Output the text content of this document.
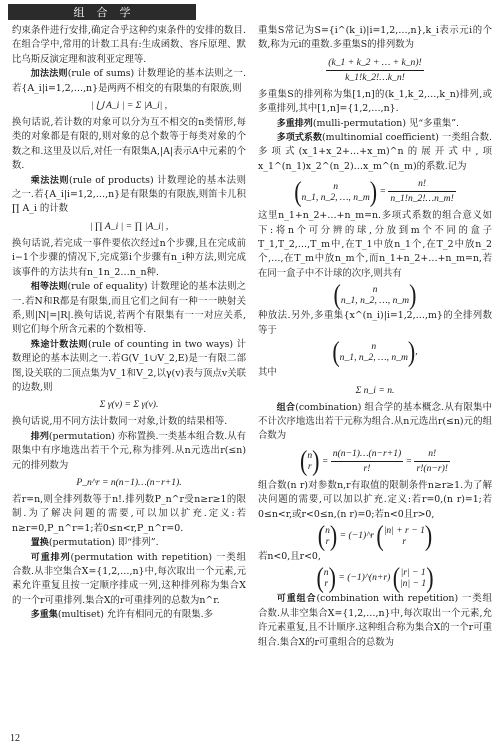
组合学

约束条件进行安排,确定合乎这种约束条件的安排的数目.在组合学中,常用的计数工具有:生成函数、容斥原理、默比乌斯反演定理和波利亚定理等.

加法法则(rule of sums) 计数理论的基本法则之一.若{A_i|i=1,2,…,n}是两两不相交的有限集的有限族,则

| ⋃ A_i | = Σ |A_i| ,

换句话说,若计数的对象可以分为互不相交的n类情形,每类的对象都是有限的,则对象的总个数等于每类对象的个数之和.这里及以后,对任一有限集A,|A|表示A中元素的个数.

乘法法则(rule of products) 计数理论的基本法则之一.若{A_i|i=1,2,…,n}是有限集的有限族,则笛卡儿积 ∏ A_i 的计数

| ∏ A_i | = ∏ |A_i| ,

换句话说,若完成一事件要依次经过n个步骤,且在完成前i−1个步骤的情况下,完成第i个步骤有n_i种方法,则完成该事件的方法共有n_1n_2…n_n种.

相等法则(rule of equality) 计数理论的基本法则之一.若N和R都是有限集,而且它们之间有一种一一映射关系,则|N|=|R|.换句话说,若两个有限集有一一对应关系,则它们每个所含元素的个数相等.

殊途计数法则(rule of counting in two ways) 计数理论的基本法则之一.若G(V_1∪V_2,E)是一有限二部图,设关联的二顶点集为V_1和V_2,以γ(v)表与顶点v关联的边数,则

Σ γ(v) = Σ γ(v).

换句话说,用不同方法计数同一对象,计数的结果相等.

排列(permutation) 亦称置换.一类基本组合数.从有限集中有序地选出若干个元,称为排列.从n元选出r(≤n)元的排列数为

P_n^r = n(n−1)…(n−r+1).

若r=n,则全排列数等于n!.排列数P_n^r受n≥r≥1的限制.为了解决问题的需要,可以加以扩充.定义:若n≥r=0,P_n^r=1;若0≤n<r,P_n^r=0.

置换(permutation) 即“排列”.

可重排列(permutation with repetition) 一类组合数.从非空集合X={1,2,…,n}中,每次取出一个元素,元素允许重复且按一定顺序排成一列,这种排列称为集合X的一个r可重排列.集合X的r可重排列的总数为n^r.

多重集(multiset) 允许有相同元的有限集.多

重集S常记为S={i^(k_i)|i=1,2,…,n},k_i表示元i的个数,称为元i的重数.多重集S的排列数为

$\frac{(k\_1 + k\_2 + \dots + k\_n)!}{k\_1!k\_2!\dots k\_n!}$

多重集S的排列称为集[1,n]的(k_1,k_2,…,k_n)排列,或多重排列,其中[1,n]={1,2,…,n}.

多重排列(mulli-permutation) 见“多重集”.

多项式系数(multinomial coefficient) 一类组合数.多项式(x_1+x_2+…+x_m)^n的展开式中,项x_1^(n_1)x_2^(n_2)…x_m^(n_m)的系数.记为

(	n
n_1, n_2, …, n_m ) = $\frac{n!}{n\_1!n\_2!\dots n\_m!}$

这里n_1+n_2+…+n_m=n.多项式系数的组合意义如下:将n个可分辨的球,分放到m个不同的盒子T_1,T_2,…,T_m中,在T_1中放n_1个,在T_2中放n_2个,…,在T_m中放n_m个,而n_1+n_2+…+n_m=n,若在同一盒子中不计球的次序,则共有

(	n
n_1, n_2, …, n_m )

种放法.另外,多重集{x^(n_i)|i=1,2,…,m}的全排列数等于

(	n
n_1, n_2, …, n_m ),

其中

Σ n_i = n.

组合(combination) 组合学的基本概念.从有限集中不计次序地选出若干元称为组合.从n元选出r(≤n)元的组合数为

( n
r ) = $\frac{n(n-1)\dots(n-r+1)}{r!} = \frac{n!}{r!(n-r)!}$

组合数(n r)对参数n,r有取值的限制条件n≥r≥1.为了解决问题的需要,可以加以扩充.定义:若r=0,(n r)=1;若0≤n<r,或r<0≤n,(n r)=0;若n<0且r>0,

( n
r ) = (−1)^r ( |n| + r − 1
r )

若n<0,且r<0,

( n
r ) = (−1)^(n+r) ( |r| − 1
|n| − 1 )

可重组合(combination with repetition) 一类组合数.从非空集合X={1,2,…,n}中,每次取出一个元素,允许元素重复,且不计顺序.这种组合称为集合X的一个r可重组合.集合X的r可重组合的总数为

12
